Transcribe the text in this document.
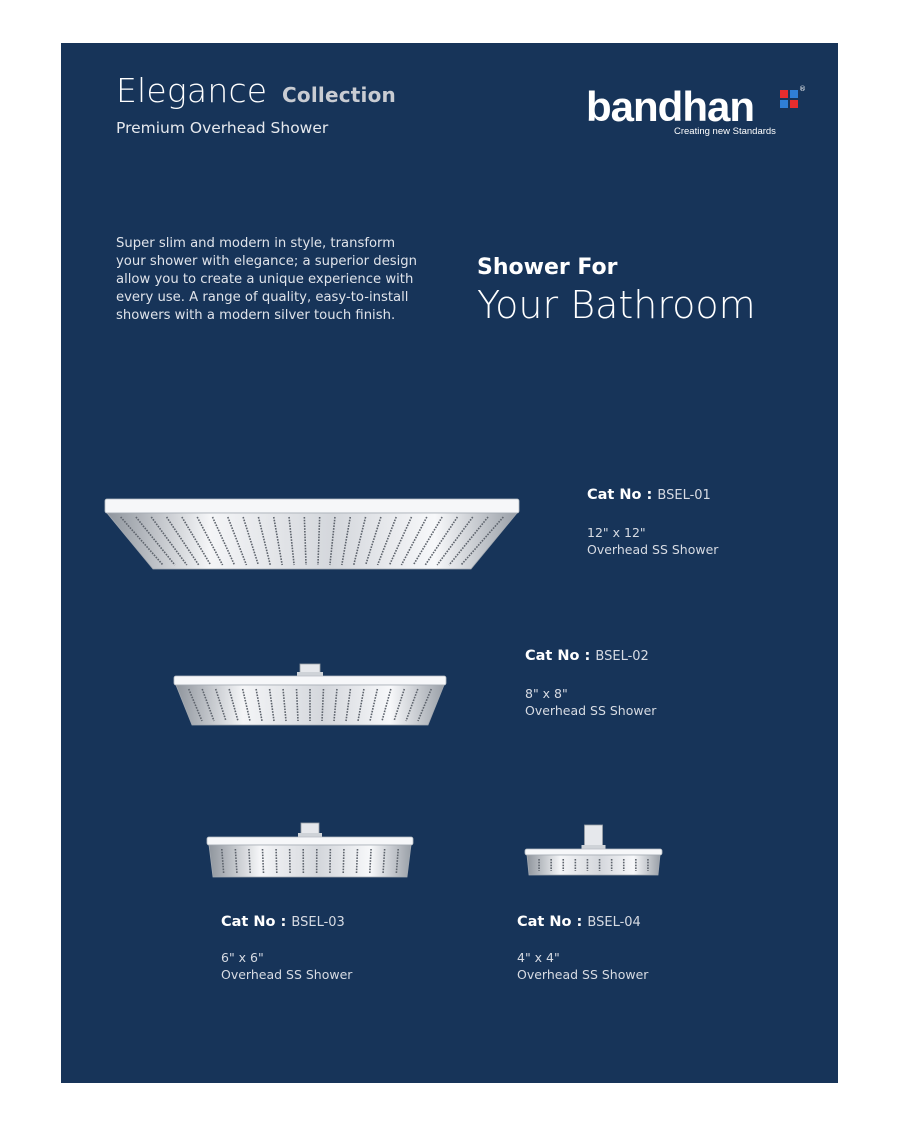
Elegance Collection
Premium Overhead Shower	bandhan	®
Creating new Standards
Super slim and modern in style, transform
your shower with elegance; a superior design
allow you to create a unique experience with
every use. A range of quality, easy-to-install
showers with a modern silver touch finish.
Shower For
Your Bathroom
Cat No : BSEL-01
12" x 12"
Overhead SS Shower
Cat No : BSEL-02
8" x 8"
Overhead SS Shower
Cat No : BSEL-03
6" x 6"
Overhead SS Shower
Cat No : BSEL-04
4" x 4"
Overhead SS Shower
